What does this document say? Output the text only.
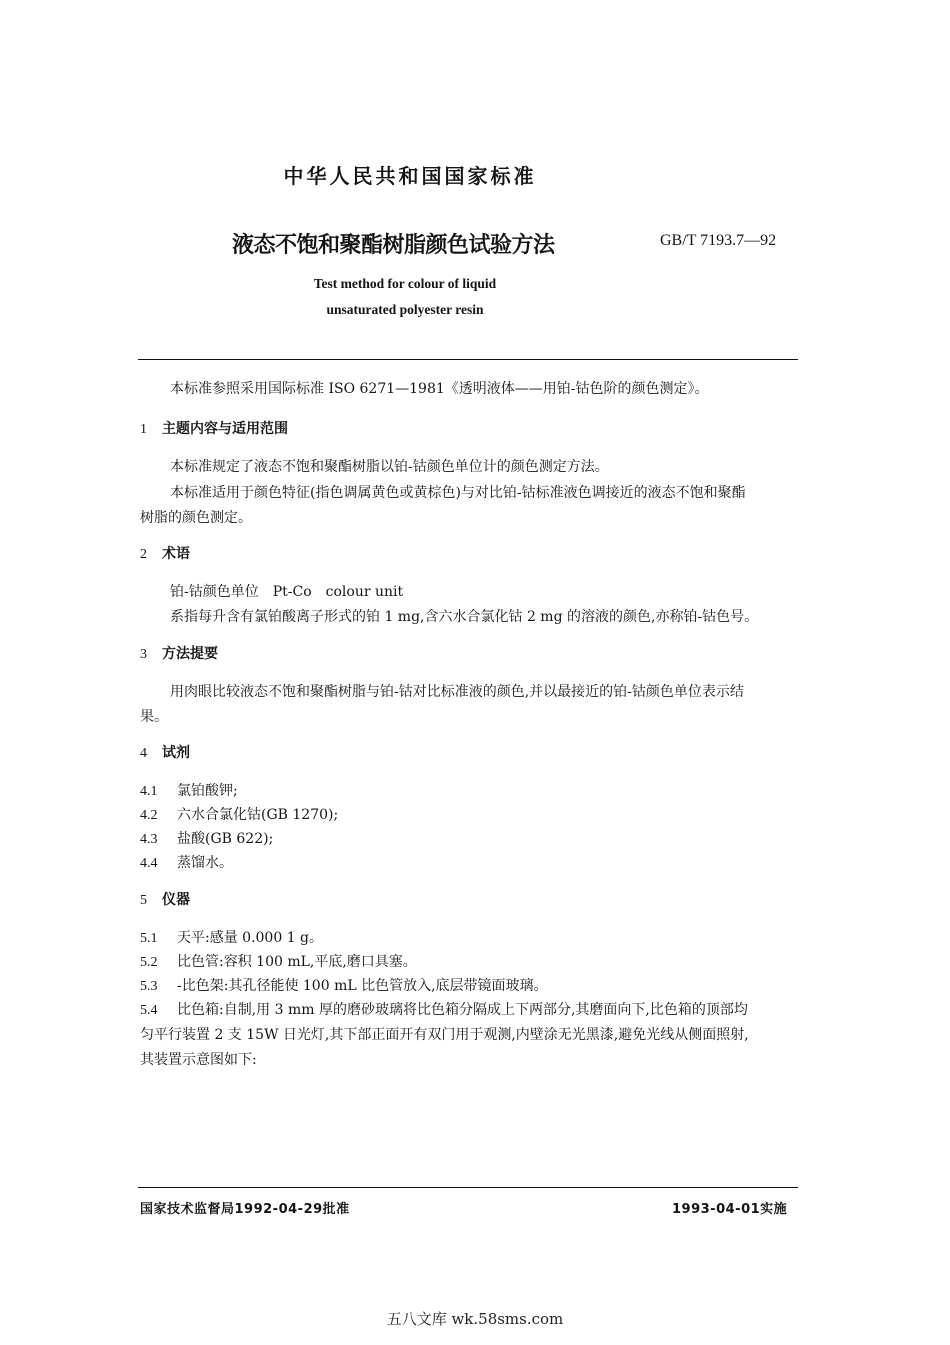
中华人民共和国国家标准
液态不饱和聚酯树脂颜色试验方法	GB/T 7193.7—92
Test method for colour of liquid
unsaturated polyester resin
本标准参照采用国际标准 ISO 6271—1981《透明液体——用铂-钴色阶的颜色测定》。
1 主题内容与适用范围
本标准规定了液态不饱和聚酯树脂以铂-钴颜色单位计的颜色测定方法。
本标准适用于颜色特征(指色调属黄色或黄棕色)与对比铂-钴标准液色调接近的液态不饱和聚酯
树脂的颜色测定。
2 术语
铂-钴颜色单位　Pt-Co　colour unit
系指每升含有氯铂酸离子形式的铂 1 mg,含六水合氯化钴 2 mg 的溶液的颜色,亦称铂-钴色号。
3 方法提要
用肉眼比较液态不饱和聚酯树脂与铂-钴对比标准液的颜色,并以最接近的铂-钴颜色单位表示结
果。
4 试剂
4.1 氯铂酸钾;
4.2 六水合氯化钴(GB 1270);
4.3 盐酸(GB 622);
4.4 蒸馏水。
5 仪器
5.1 天平:感量 0.000 1 g。
5.2 比色管:容积 100 mL,平底,磨口具塞。
5.3 -比色架:其孔径能使 100 mL 比色管放入,底层带镜面玻璃。
5.4 比色箱:自制,用 3 mm 厚的磨砂玻璃将比色箱分隔成上下两部分,其磨面向下,比色箱的顶部均
匀平行装置 2 支 15W 日光灯,其下部正面开有双门用于观测,内壁涂无光黑漆,避免光线从侧面照射,
其装置示意图如下:
国家技术监督局1992-04-29批准	1993-04-01实施
五八文库 wk.58sms.com
